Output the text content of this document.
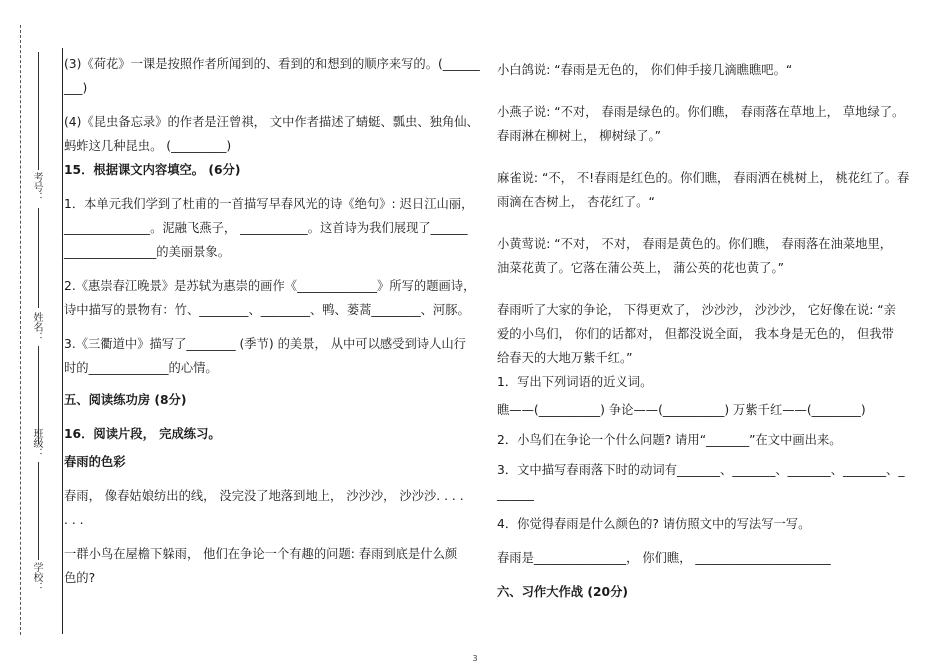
考号：
姓名：
班级：
学校：

(3)《荷花》一课是按照作者所闻到的、看到的和想到的顺序来写的。(______

___)

(4)《昆虫备忘录》的作者是汪曾祺， 文中作者描述了蜻蜓、瓢虫、独角仙、

蚂蚱这几种昆虫。 (_________)

15．根据课文内容填空。 (6分)

1．本单元我们学到了杜甫的一首描写早春风光的诗《绝句》: 迟日江山丽，

______________。泥融飞燕子， ___________。这首诗为我们展现了______

_______________的美丽景象。

2.《惠崇春江晚景》是苏轼为惠崇的画作《_____________》所写的题画诗，

诗中描写的景物有：竹、________、________、鸭、蒌蒿________、河豚。

3.《三衢道中》描写了________ (季节) 的美景， 从中可以感受到诗人山行

时的_____________的心情。

五、阅读练功房 (8分)

16．阅读片段， 完成练习。

春雨的色彩

春雨， 像春姑娘纺出的线， 没完没了地落到地上， 沙沙沙， 沙沙沙. . . .

. . .

一群小鸟在屋檐下躲雨， 他们在争论一个有趣的问题: 春雨到底是什么颜

色的?

小白鸽说: “春雨是无色的， 你们伸手接几滴瞧瞧吧。“

小燕子说: “不对， 春雨是绿色的。你们瞧， 春雨落在草地上， 草地绿了。

春雨淋在柳树上， 柳树绿了。”

麻雀说: “不， 不!春雨是红色的。你们瞧， 春雨洒在桃树上， 桃花红了。春

雨滴在杏树上， 杏花红了。“

小黄莺说: “不对， 不对， 春雨是黄色的。你们瞧， 春雨落在油菜地里，

油菜花黄了。它落在蒲公英上， 蒲公英的花也黄了。”

春雨听了大家的争论， 下得更欢了， 沙沙沙， 沙沙沙， 它好像在说: “亲

爱的小鸟们， 你们的话都对， 但都没说全面， 我本身是无色的， 但我带

给春天的大地万紫千红。”

1．写出下列词语的近义词。

瞧——(__________) 争论——(__________) 万紫千红——(________)

2．小鸟们在争论一个什么问题? 请用“_______”在文中画出来。

3．文中描写春雨落下时的动词有_______、_______、_______、_______、_

______

4．你觉得春雨是什么颜色的? 请仿照文中的写法写一写。

春雨是_______________， 你们瞧， ______________________

六、习作大作战 (20分)

3
